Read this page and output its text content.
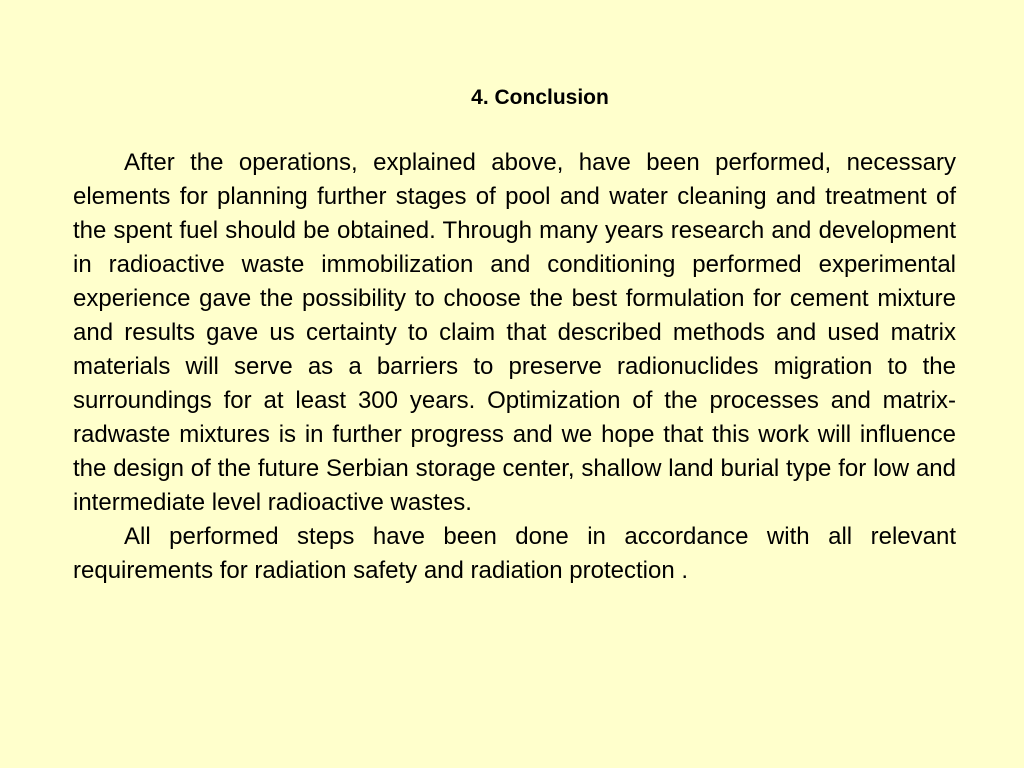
4. Conclusion

After the operations, explained above, have been performed, necessary elements for planning further stages of pool and water cleaning and treatment of the spent fuel should be obtained. Through many years research and development in radioactive waste immobilization and conditioning performed experimental experience gave the possibility to choose the best formulation for cement mixture and results gave us certainty to claim that described methods and used matrix materials will serve as a barriers to preserve radionuclides migration to the surroundings for at least 300 years. Optimization of the processes and matrix-radwaste mixtures is in further progress and we hope that this work will influence the design of the future Serbian storage center, shallow land burial type for low and intermediate level radioactive wastes.

All performed steps have been done in accordance with all relevant requirements for radiation safety and radiation protection .
